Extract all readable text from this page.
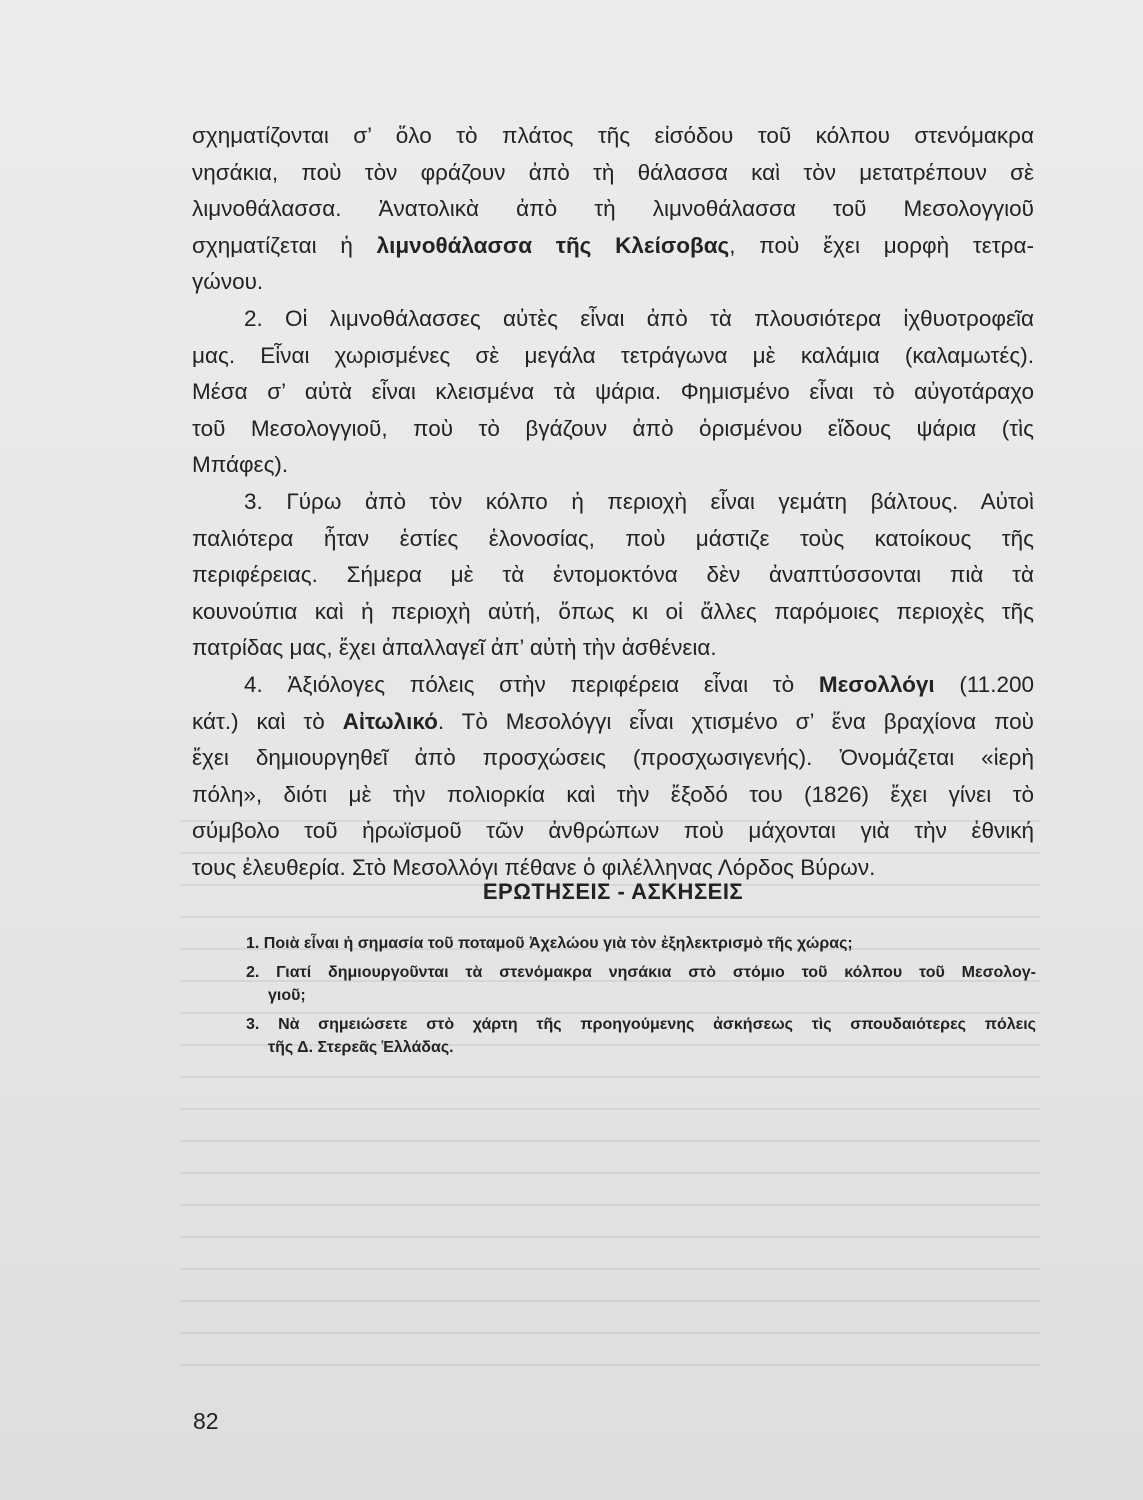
σχηματίζονται σ’ ὅλο τὸ πλάτος τῆς εἰσόδου τοῦ κόλπου στενόμακρα
νησάκια, ποὺ τὸν φράζουν ἀπὸ τὴ θάλασσα καὶ τὸν μετατρέπουν σὲ
λιμνοθάλασσα. Ἀνατολικὰ ἀπὸ τὴ λιμνοθάλασσα τοῦ Μεσολογγιοῦ
σχηματίζεται ἡ λιμνοθάλασσα τῆς Κλείσοβας, ποὺ ἔχει μορφὴ τετρα-
γώνου.
2. Οἱ λιμνοθάλασσες αὐτὲς εἶναι ἀπὸ τὰ πλουσιότερα ἰχθυοτροφεῖα
μας. Εἶναι χωρισμένες σὲ μεγάλα τετράγωνα μὲ καλάμια (καλαμωτές).
Μέσα σ’ αὐτὰ εἶναι κλεισμένα τὰ ψάρια. Φημισμένο εἶναι τὸ αὐγοτάραχο
τοῦ Μεσολογγιοῦ, ποὺ τὸ βγάζουν ἀπὸ ὁρισμένου εἴδους ψάρια (τὶς
Μπάφες).
3. Γύρω ἀπὸ τὸν κόλπο ἡ περιοχὴ εἶναι γεμάτη βάλτους. Αὐτοὶ
παλιότερα ἦταν ἑστίες ἑλονοσίας, ποὺ μάστιζε τοὺς κατοίκους τῆς
περιφέρειας. Σήμερα μὲ τὰ ἐντομοκτόνα δὲν ἀναπτύσσονται πιὰ τὰ
κουνούπια καὶ ἡ περιοχὴ αὐτή, ὅπως κι οἱ ἄλλες παρόμοιες περιοχὲς τῆς
πατρίδας μας, ἔχει ἀπαλλαγεῖ ἀπ’ αὐτὴ τὴν ἀσθένεια.
4. Ἀξιόλογες πόλεις στὴν περιφέρεια εἶναι τὸ Μεσολλόγι (11.200
κάτ.) καὶ τὸ Αἰτωλικό. Τὸ Μεσολόγγι εἶναι χτισμένο σ’ ἕνα βραχίονα ποὺ
ἔχει δημιουργηθεῖ ἀπὸ προσχώσεις (προσχωσιγενής). Ὀνομάζεται «ἱερὴ
πόλη», διότι μὲ τὴν πολιορκία καὶ τὴν ἔξοδό του (1826) ἔχει γίνει τὸ
σύμβολο τοῦ ἡρωϊσμοῦ τῶν ἀνθρώπων ποὺ μάχονται γιὰ τὴν ἐθνική
τους ἐλευθερία. Στὸ Μεσολλόγι πέθανε ὁ φιλέλληνας Λόρδος Βύρων.
ΕΡΩΤΗΣΕΙΣ - ΑΣΚΗΣΕΙΣ
1. Ποιὰ εἶναι ἡ σημασία τοῦ ποταμοῦ Ἀχελώου γιὰ τὸν ἐξηλεκτρισμὸ τῆς χώρας;
2. Γιατί δημιουργοῦνται τὰ στενόμακρα νησάκια στὸ στόμιο τοῦ κόλπου τοῦ Μεσολογ-
γιοῦ;
3. Νὰ σημειώσετε στὸ χάρτη τῆς προηγούμενης ἀσκήσεως τὶς σπουδαιότερες πόλεις
τῆς Δ. Στερεᾶς Ἑλλάδας.
82
